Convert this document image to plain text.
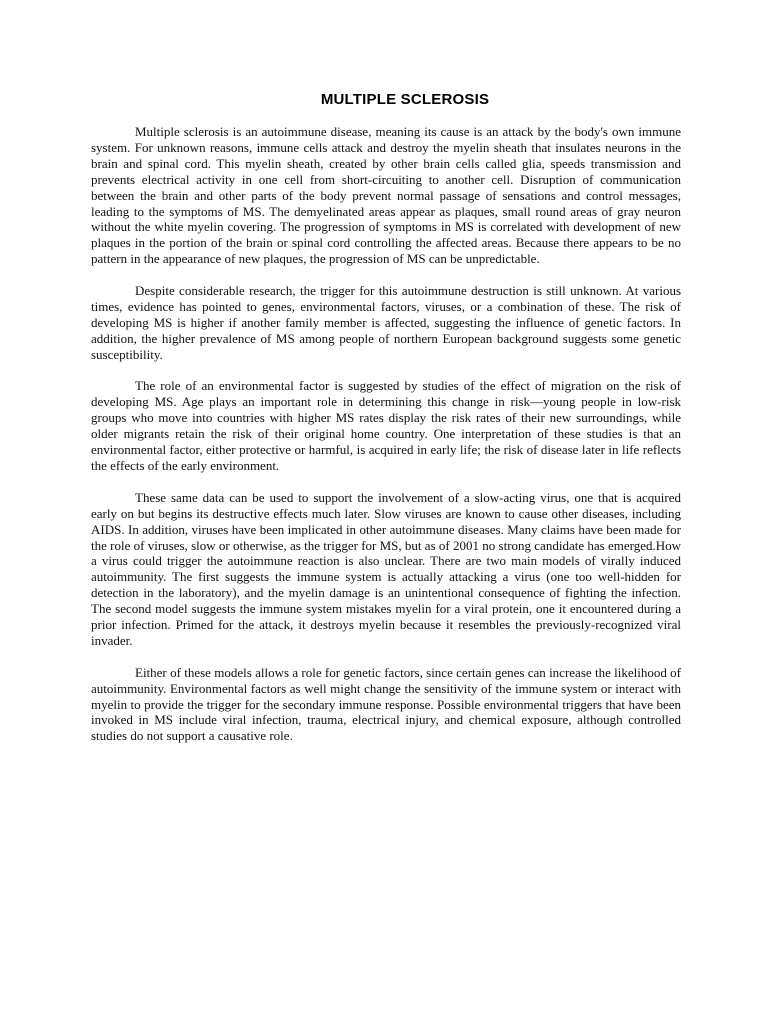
MULTIPLE SCLEROSIS

Multiple sclerosis is an autoimmune disease, meaning its cause is an attack by the body's own immune system. For unknown reasons, immune cells attack and destroy the myelin sheath that insulates neurons in the brain and spinal cord. This myelin sheath, created by other brain cells called glia, speeds transmission and prevents electrical activity in one cell from short-circuiting to another cell. Disruption of communication between the brain and other parts of the body prevent normal passage of sensations and control messages, leading to the symptoms of MS. The demyelinated areas appear as plaques, small round areas of gray neuron without the white myelin covering. The progression of symptoms in MS is correlated with development of new plaques in the portion of the brain or spinal cord controlling the affected areas. Because there appears to be no pattern in the appearance of new plaques, the progression of MS can be unpredictable.

Despite considerable research, the trigger for this autoimmune destruction is still unknown. At various times, evidence has pointed to genes, environmental factors, viruses, or a combination of these. The risk of developing MS is higher if another family member is affected, suggesting the influence of genetic factors. In addition, the higher prevalence of MS among people of northern European background suggests some genetic susceptibility.

The role of an environmental factor is suggested by studies of the effect of migration on the risk of developing MS. Age plays an important role in determining this change in risk—young people in low-risk groups who move into countries with higher MS rates display the risk rates of their new surroundings, while older migrants retain the risk of their original home country. One interpretation of these studies is that an environmental factor, either protective or harmful, is acquired in early life; the risk of disease later in life reflects the effects of the early environment.

These same data can be used to support the involvement of a slow-acting virus, one that is acquired early on but begins its destructive effects much later. Slow viruses are known to cause other diseases, including AIDS. In addition, viruses have been implicated in other autoimmune diseases. Many claims have been made for the role of viruses, slow or otherwise, as the trigger for MS, but as of 2001 no strong candidate has emerged.How a virus could trigger the autoimmune reaction is also unclear. There are two main models of virally induced autoimmunity. The first suggests the immune system is actually attacking a virus (one too well-hidden for detection in the laboratory), and the myelin damage is an unintentional consequence of fighting the infection. The second model suggests the immune system mistakes myelin for a viral protein, one it encountered during a prior infection. Primed for the attack, it destroys myelin because it resembles the previously-recognized viral invader.

Either of these models allows a role for genetic factors, since certain genes can increase the likelihood of autoimmunity. Environmental factors as well might change the sensitivity of the immune system or interact with myelin to provide the trigger for the secondary immune response. Possible environmental triggers that have been invoked in MS include viral infection, trauma, electrical injury, and chemical exposure, although controlled studies do not support a causative role.
